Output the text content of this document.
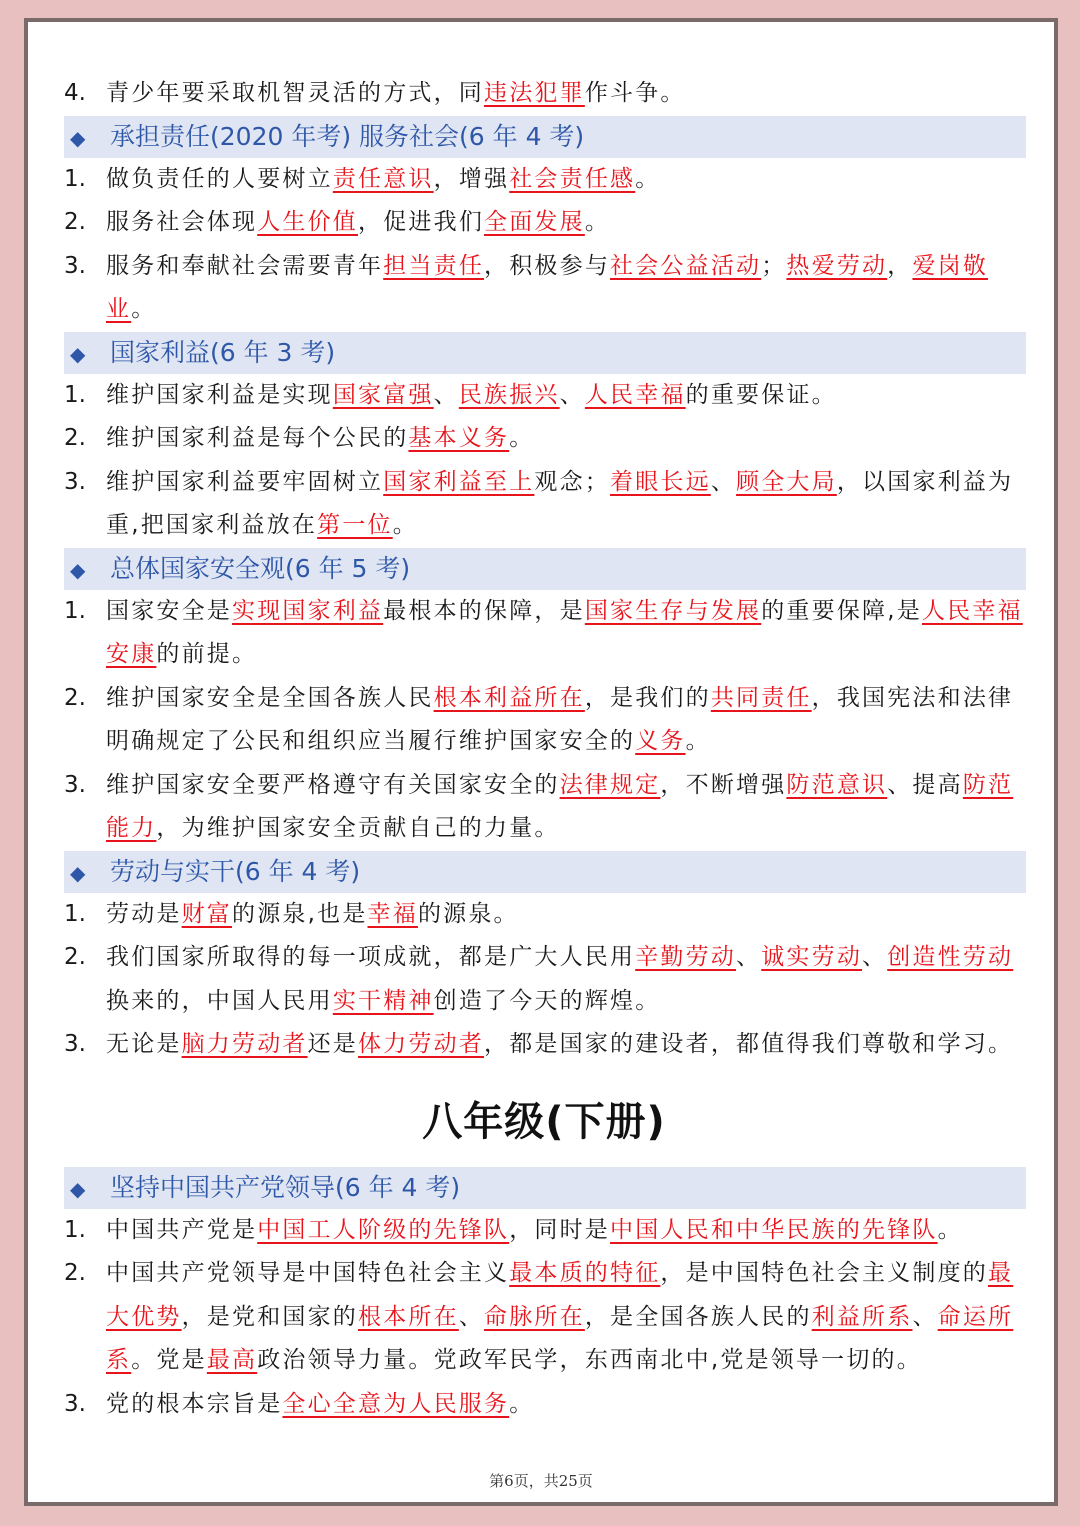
4. 青少年要采取机智灵活的方式，同违法犯罪作斗争。
◆ 承担责任(2020 年考) 服务社会(6 年 4 考)
1. 做负责任的人要树立责任意识，增强社会责任感。
2. 服务社会体现人生价值，促进我们全面发展。
3. 服务和奉献社会需要青年担当责任，积极参与社会公益活动；热爱劳动，爱岗敬业。
◆ 国家利益(6 年 3 考)
1. 维护国家利益是实现国家富强、民族振兴、人民幸福的重要保证。
2. 维护国家利益是每个公民的基本义务。
3. 维护国家利益要牢固树立国家利益至上观念；着眼长远、顾全大局，以国家利益为重,把国家利益放在第一位。
◆ 总体国家安全观(6 年 5 考)
1. 国家安全是实现国家利益最根本的保障，是国家生存与发展的重要保障,是人民幸福安康的前提。
2. 维护国家安全是全国各族人民根本利益所在，是我们的共同责任，我国宪法和法律明确规定了公民和组织应当履行维护国家安全的义务。
3. 维护国家安全要严格遵守有关国家安全的法律规定，不断增强防范意识、提高防范能力，为维护国家安全贡献自己的力量。
◆ 劳动与实干(6 年 4 考)
1. 劳动是财富的源泉,也是幸福的源泉。
2. 我们国家所取得的每一项成就，都是广大人民用辛勤劳动、诚实劳动、创造性劳动换来的，中国人民用实干精神创造了今天的辉煌。
3. 无论是脑力劳动者还是体力劳动者，都是国家的建设者，都值得我们尊敬和学习。
八年级(下册)
◆ 坚持中国共产党领导(6 年 4 考)
1. 中国共产党是中国工人阶级的先锋队，同时是中国人民和中华民族的先锋队。
2. 中国共产党领导是中国特色社会主义最本质的特征，是中国特色社会主义制度的最大优势，是党和国家的根本所在、命脉所在，是全国各族人民的利益所系、命运所系。党是最高政治领导力量。党政军民学，东西南北中,党是领导一切的。
3. 党的根本宗旨是全心全意为人民服务。
第6页，共25页
